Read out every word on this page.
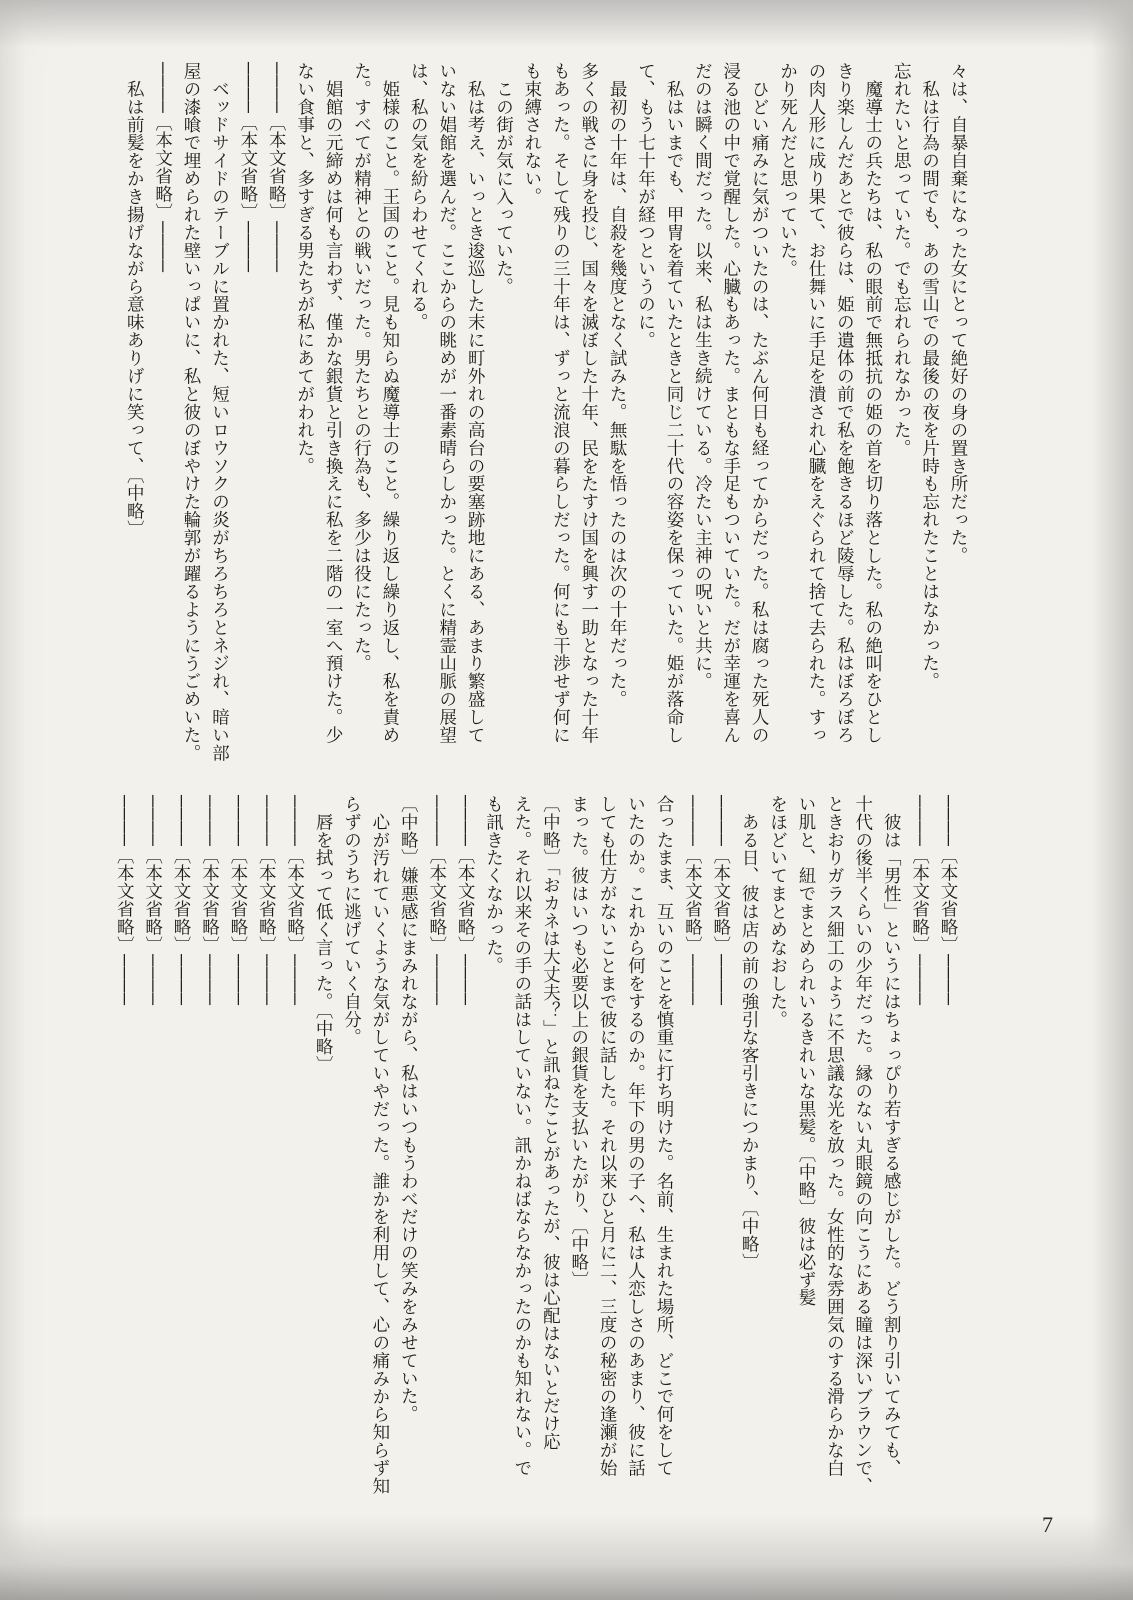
々は、自暴自棄になった女にとって絶好の身の置き所だった。
　私は行為の間でも、あの雪山での最後の夜を片時も忘れたことはなかった。
忘れたいと思っていた。でも忘れられなかった。
　魔導士の兵たちは、私の眼前で無抵抗の姫の首を切り落とした。私の絶叫をひとし
きり楽しんだあとで彼らは、姫の遺体の前で私を飽きるほど陵辱した。私はぼろぼろ
の肉人形に成り果て、お仕舞いに手足を潰され心臓をえぐられて捨て去られた。すっ
かり死んだと思っていた。
　ひどい痛みに気がついたのは、たぶん何日も経ってからだった。私は腐った死人の
浸る池の中で覚醒した。心臓もあった。まともな手足もついていた。だが幸運を喜ん
だのは瞬く間だった。以来、私は生き続けている。冷たい主神の呪いと共に。
　私はいまでも、甲冑を着ていたときと同じ二十代の容姿を保っていた。姫が落命し
て、もう七十年が経つというのに。
　最初の十年は、自殺を幾度となく試みた。無駄を悟ったのは次の十年だった。
多くの戦さに身を投じ、国々を滅ぼした十年、民をたすけ国を興す一助となった十年
もあった。そして残りの三十年は、ずっと流浪の暮らしだった。何にも干渉せず何に
も束縛されない。
　この街が気に入っていた。
　私は考え、いっとき逡巡した末に町外れの高台の要塞跡地にある、あまり繁盛して
いない娼館を選んだ。ここからの眺めが一番素晴らしかった。とくに精霊山脈の展望
は、私の気を紛らわせてくれる。
　姫様のこと。王国のこと。見も知らぬ魔導士のこと。繰り返し繰り返し、私を責め
た。すべてが精神との戦いだった。男たちとの行為も、多少は役にたった。
　娼館の元締めは何も言わず、僅かな銀貨と引き換えに私を二階の一室へ預けた。少
ない食事と、多すぎる男たちが私にあてがわれた。
────〔本文省略〕────
────〔本文省略〕────
　ベッドサイドのテーブルに置かれた、短いロウソクの炎がちろちろとネジれ、暗い部
屋の漆喰で埋められた壁いっぱいに、私と彼のぼやけた輪郭が躍るようにうごめいた。
────〔本文省略〕────
　私は前髪をかき揚げながら意味ありげに笑って、〔中略〕
────〔本文省略〕────
────〔本文省略〕────
　彼は「男性」というにはちょっぴり若すぎる感じがした。どう割り引いてみても、
十代の後半くらいの少年だった。縁のない丸眼鏡の向こうにある瞳は深いブラウンで、
ときおりガラス細工のように不思議な光を放った。女性的な雰囲気のする滑らかな白
い肌と、紐でまとめられいるきれいな黒髪。〔中略〕彼は必ず髪
をほどいてまとめなおした。
　ある日、彼は店の前の強引な客引きにつかまり、〔中略〕
────〔本文省略〕────
────〔本文省略〕────
合ったまま、互いのことを慎重に打ち明けた。名前、生まれた場所、どこで何をして
いたのか。これから何をするのか。年下の男の子へ、私は人恋しさのあまり、彼に話
しても仕方がないことまで彼に話した。それ以来ひと月に二、三度の秘密の逢瀬が始
まった。彼はいつも必要以上の銀貨を支払いたがり、〔中略〕
〔中略〕「おカネは大丈夫？」と訊ねたことがあったが、彼は心配はないとだけ応
えた。それ以来その手の話はしていない。訊かねばならなかったのかも知れない。で
も訊きたくなかった。
────〔本文省略〕────
────〔本文省略〕────
〔中略〕嫌悪感にまみれながら、私はいつもうわべだけの笑みをみせていた。
　心が汚れていくような気がしていやだった。誰かを利用して、心の痛みから知らず知
らずのうちに逃げていく自分。
　唇を拭って低く言った。〔中略〕
────〔本文省略〕────
────〔本文省略〕────
────〔本文省略〕────
────〔本文省略〕────
────〔本文省略〕────
────〔本文省略〕────
────〔本文省略〕────
7
